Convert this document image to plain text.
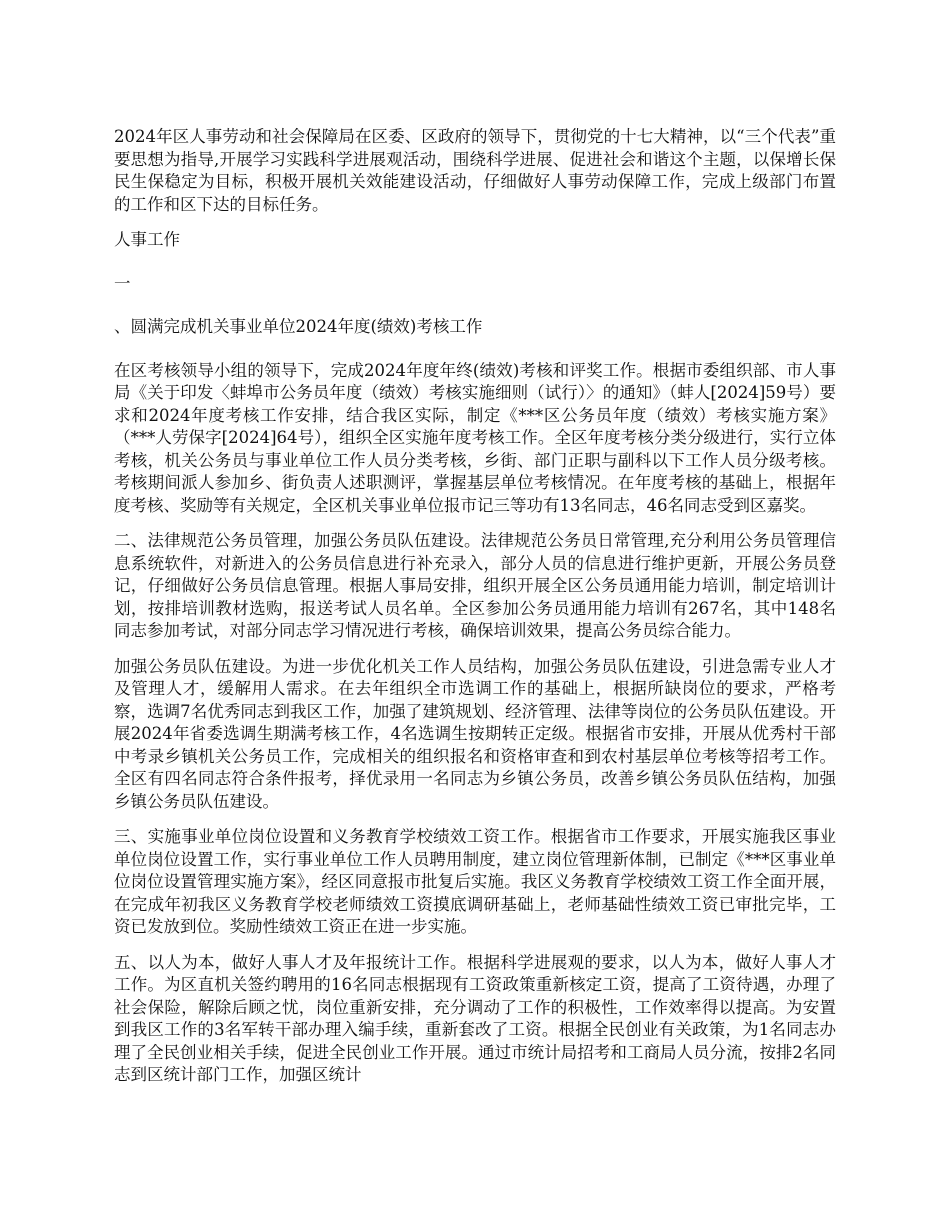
2024年区人事劳动和社会保障局在区委、区政府的领导下，贯彻党的十七大精神，以“三个代表”重要思想为指导,开展学习实践科学进展观活动，围绕科学进展、促进社会和谐这个主题，以保增长保民生保稳定为目标，积极开展机关效能建设活动，仔细做好人事劳动保障工作，完成上级部门布置的工作和区下达的目标任务。

人事工作

一

、圆满完成机关事业单位2024年度(绩效)考核工作

在区考核领导小组的领导下，完成2024年度年终(绩效)考核和评奖工作。根据市委组织部、市人事局《关于印发〈蚌埠市公务员年度（绩效）考核实施细则（试行）〉的通知》（蚌人[2024]59号）要求和2024年度考核工作安排，结合我区实际，制定《***区公务员年度（绩效）考核实施方案》（***人劳保字[2024]64号），组织全区实施年度考核工作。全区年度考核分类分级进行，实行立体考核，机关公务员与事业单位工作人员分类考核，乡街、部门正职与副科以下工作人员分级考核。考核期间派人参加乡、街负责人述职测评，掌握基层单位考核情况。在年度考核的基础上，根据年度考核、奖励等有关规定，全区机关事业单位报市记三等功有13名同志，46名同志受到区嘉奖。

二、法律规范公务员管理，加强公务员队伍建设。法律规范公务员日常管理,充分利用公务员管理信息系统软件，对新进入的公务员信息进行补充录入，部分人员的信息进行维护更新，开展公务员登记，仔细做好公务员信息管理。根据人事局安排，组织开展全区公务员通用能力培训，制定培训计划，按排培训教材选购，报送考试人员名单。全区参加公务员通用能力培训有267名，其中148名同志参加考试，对部分同志学习情况进行考核，确保培训效果，提高公务员综合能力。

加强公务员队伍建设。为进一步优化机关工作人员结构，加强公务员队伍建设，引进急需专业人才及管理人才，缓解用人需求。在去年组织全市选调工作的基础上，根据所缺岗位的要求，严格考察，选调7名优秀同志到我区工作，加强了建筑规划、经济管理、法律等岗位的公务员队伍建设。开展2024年省委选调生期满考核工作，4名选调生按期转正定级。根据省市安排，开展从优秀村干部中考录乡镇机关公务员工作，完成相关的组织报名和资格审查和到农村基层单位考核等招考工作。全区有四名同志符合条件报考，择优录用一名同志为乡镇公务员，改善乡镇公务员队伍结构，加强乡镇公务员队伍建设。

三、实施事业单位岗位设置和义务教育学校绩效工资工作。根据省市工作要求，开展实施我区事业单位岗位设置工作，实行事业单位工作人员聘用制度，建立岗位管理新体制，已制定《***区事业单位岗位设置管理实施方案》，经区同意报市批复后实施。我区义务教育学校绩效工资工作全面开展，在完成年初我区义务教育学校老师绩效工资摸底调研基础上，老师基础性绩效工资已审批完毕，工资已发放到位。奖励性绩效工资正在进一步实施。

五、以人为本，做好人事人才及年报统计工作。根据科学进展观的要求，以人为本，做好人事人才工作。为区直机关签约聘用的16名同志根据现有工资政策重新核定工资，提高了工资待遇，办理了社会保险，解除后顾之忧，岗位重新安排，充分调动了工作的积极性，工作效率得以提高。为安置到我区工作的3名军转干部办理入编手续，重新套改了工资。根据全民创业有关政策，为1名同志办理了全民创业相关手续，促进全民创业工作开展。通过市统计局招考和工商局人员分流，按排2名同志到区统计部门工作，加强区统计
